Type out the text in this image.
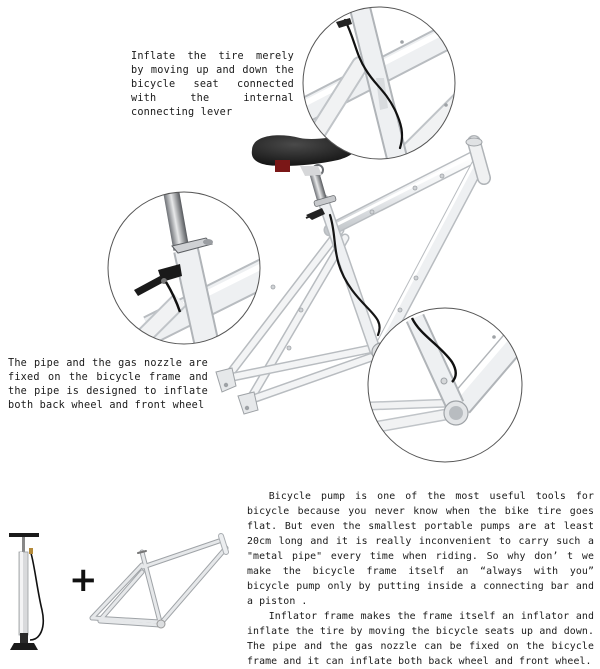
+
Inflate the tire merely by moving up and down the bicycle seat connected with the internal connecting lever
The pipe and the gas nozzle are fixed on the bicycle frame and the pipe is designed to inflate both back wheel and front wheel

Bicycle pump is one of the most useful tools for bicycle because you never know when the bike tire goes flat. But even the smallest portable pumps are at least 20cm long and it is really inconvenient to carry such a "metal pipe" every time when riding. So why don’ t we make the bicycle frame itself an “always with you” bicycle pump only by putting inside a connecting bar and a piston .

Inflator frame makes the frame itself an inflator and inflate the tire by moving the bicycle seats up and down. The pipe and the gas nozzle can be fixed on the bicycle frame and it can inflate both back wheel and front wheel.
